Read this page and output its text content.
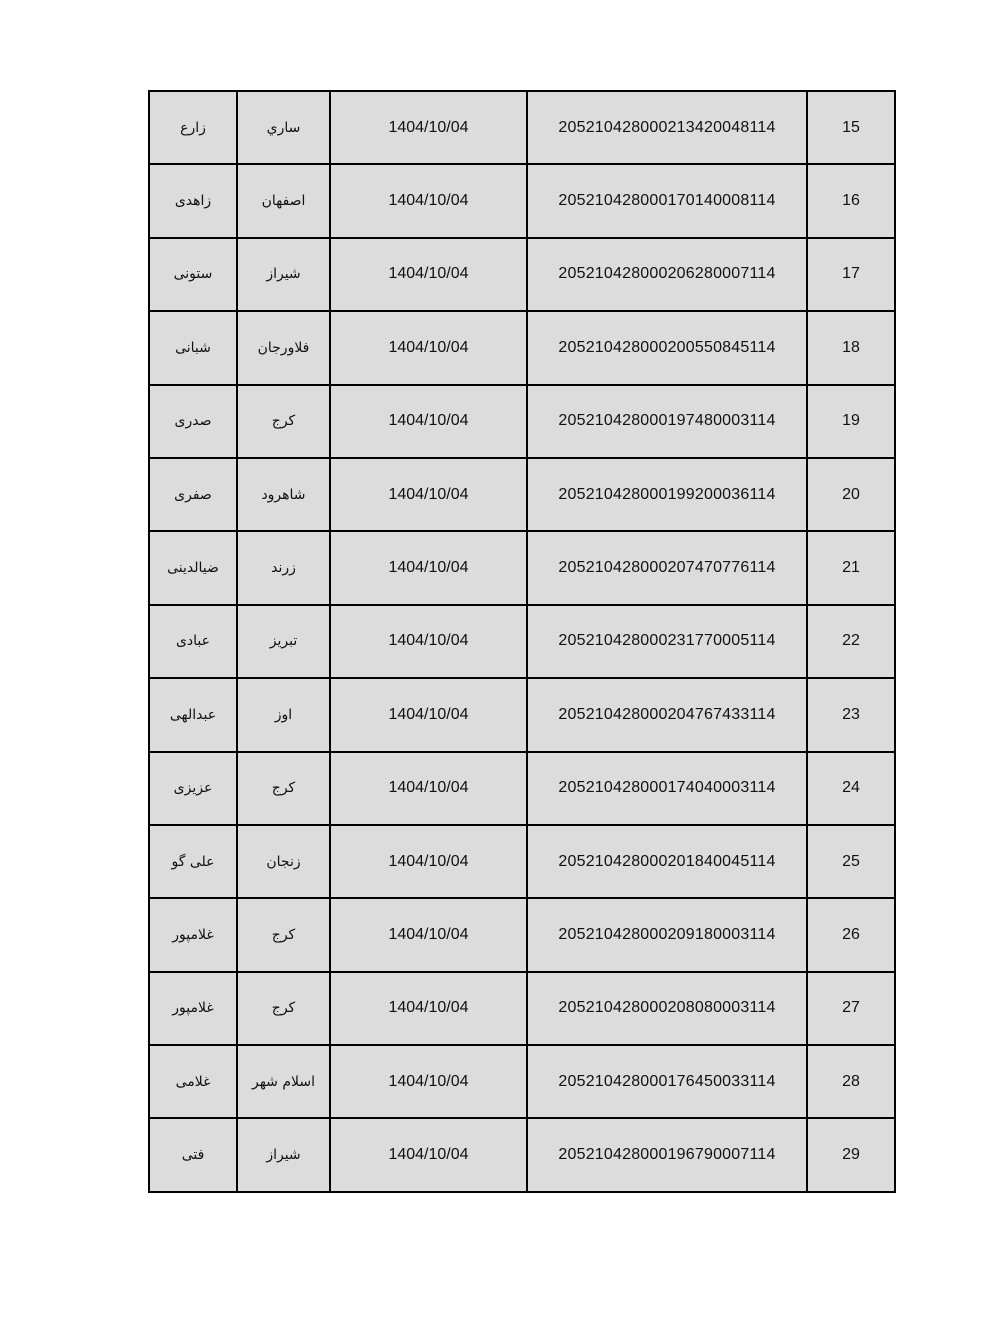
15	205210428000213420048114	1404/10/04	ساري	زارع
16	205210428000170140008114	1404/10/04	اصفهان	زاهدی
17	205210428000206280007114	1404/10/04	شیراز	ستونی
18	205210428000200550845114	1404/10/04	فلاورجان	شبانی
19	205210428000197480003114	1404/10/04	کرج	صدری
20	205210428000199200036114	1404/10/04	شاهرود	صفری
21	205210428000207470776114	1404/10/04	زرند	ضیالدینی
22	205210428000231770005114	1404/10/04	تبریز	عبادی
23	205210428000204767433114	1404/10/04	اوز	عبدالهی
24	205210428000174040003114	1404/10/04	کرج	عزیزی
25	205210428000201840045114	1404/10/04	زنجان	علی گو
26	205210428000209180003114	1404/10/04	کرج	غلامپور
27	205210428000208080003114	1404/10/04	کرج	غلامپور
28	205210428000176450033114	1404/10/04	اسلام شهر	غلامی
29	205210428000196790007114	1404/10/04	شیراز	فتی
